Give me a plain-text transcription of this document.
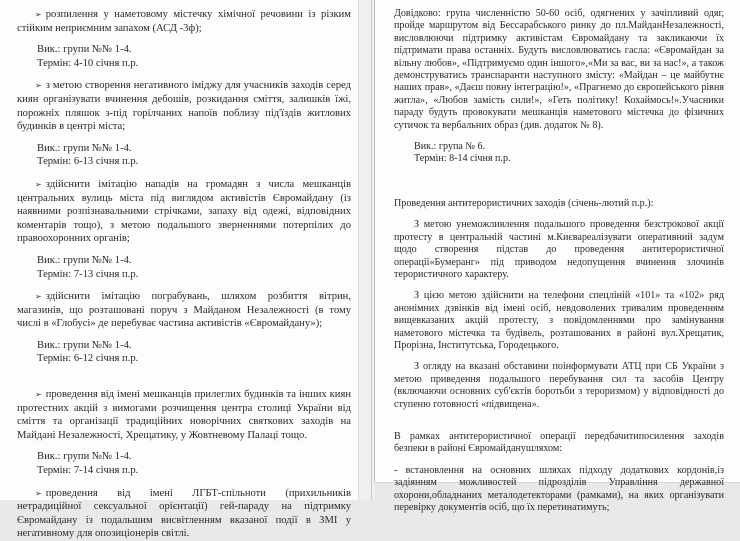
➢ розпилення у наметовому містечку хімічної речовини із різким стійким неприємним запахом (АСД -3ф);

Вик.: групи №№ 1-4.

Термін: 4-10 січня п.р.

➢ з метою створення негативного іміджу для учасників заходів серед киян організувати вчинення дебошів, розкидання сміття, залишків їжі, порожніх пляшок з-під горілчаних напоїв поблизу під'їздів житлових будинків в центрі міста;

Вик.: групи №№ 1-4.

Термін: 6-13 січня п.р.

➢ здійснити імітацію нападів на громадян з числа мешканців центральних вулиць міста під виглядом активістів Євромайдану (із наявними розпізнавальними стрічками, запаху від одежі, відповідних коментарів тощо), з метою подальшого зверненнями потерпілих до правоохоронних органів;

Вик.: групи №№ 1-4.

Термін: 7-13 січня п.р.

➢ здійснити імітацію пограбувань, шляхом розбиття вітрин, магазинів, що розташовані поруч з Майданом Незалежності (в тому числі в «Глобусі» де перебуває частина активістів «Євромайдану»);

Вик.: групи №№ 1-4.

Термін: 6-12 січня п.р.

➢ проведення від імені мешканців прилеглих будинків та інших киян протестних акцій з вимогами розчищення центра столиці України від сміття та організації традиційних новорічних святкових заходів на Майдані Незалежності, Хрещатику, у Жовтневому Палаці тощо.

Вик.: групи №№ 1-4.

Термін: 7-14 січня п.р.

➢ проведення від імені ЛГБТ-спільноти (прихильників нетрадиційної сексуальної орієнтації) гей-параду на підтримку Євромайдану із подальшим висвітленням вказаної події в ЗМІ у негативному для опозиціонерів світлі.

Довідково: група численністю 50-60 осіб, одягнених у зачіпливий одяг, пройде маршрутом від Бессарабського ринку до пл.МайданНезалежності, висловлюючи підтримку активістам Євромайдану та закликаючи їх підтримати права останніх. Будуть висловлюватись гасла: «Євромайдан за вільну любов», «Підтримуємо один іншого»,«Ми за вас, ви за нас!», а також демонструватись транспаранти наступного змісту: «Майдан – це майбутнє наших прав», «Даєш повну інтеграцію!», «Прагнемо до європейського рівня житла», «Любов замість сили!», «Геть політику! Кохаймось!».Учасники параду будуть провокувати мешканців наметового містечка до фізичних сутичок та вербальних образ (див. додаток № 8).

Вик.: група № 6.

Термін: 8-14 січня п.р.

Проведення антитерористичних заходів (січень-лютий п.р.):

З метою унеможливлення подальшого проведення безстрокової акції протесту в центральній частині м.Києвареалізувати оперативний задум щодо створення підстав до проведення антитерористичної операції«Бумеранг» під приводом недопущення вчинення злочинів терористичного характеру.

З цією метою здійснити на телефони спецліній «101» та «102» ряд анонімних дзвінків від імені осіб, невдоволених тривалим проведенням вищевказаних акцій протесту, з повідомленнями про замінування наметового містечка та будівель, розташованих в районі вул.Хрещатик, Прорізна, Інститутська, Городецького.

З огляду на вказані обставини поінформувати АТЦ при СБ України з метою приведення подальшого перебування сил та засобів Центру (включаючи основних суб'єктів боротьби з тероризмом) у відповідності до ступеню готовності «підвищена».

В рамках антитерористичної операції передбачитипосилення заходів безпеки в районі Євромайданушляхом:

- встановлення на основних шляхах підходу додаткових кордонів,із задіянням можливостей підрозділів Управління державної охорони,обладнаних металодетекторами (рамками), на яких організувати перевірку документів осіб, що їх перетинатимуть;
